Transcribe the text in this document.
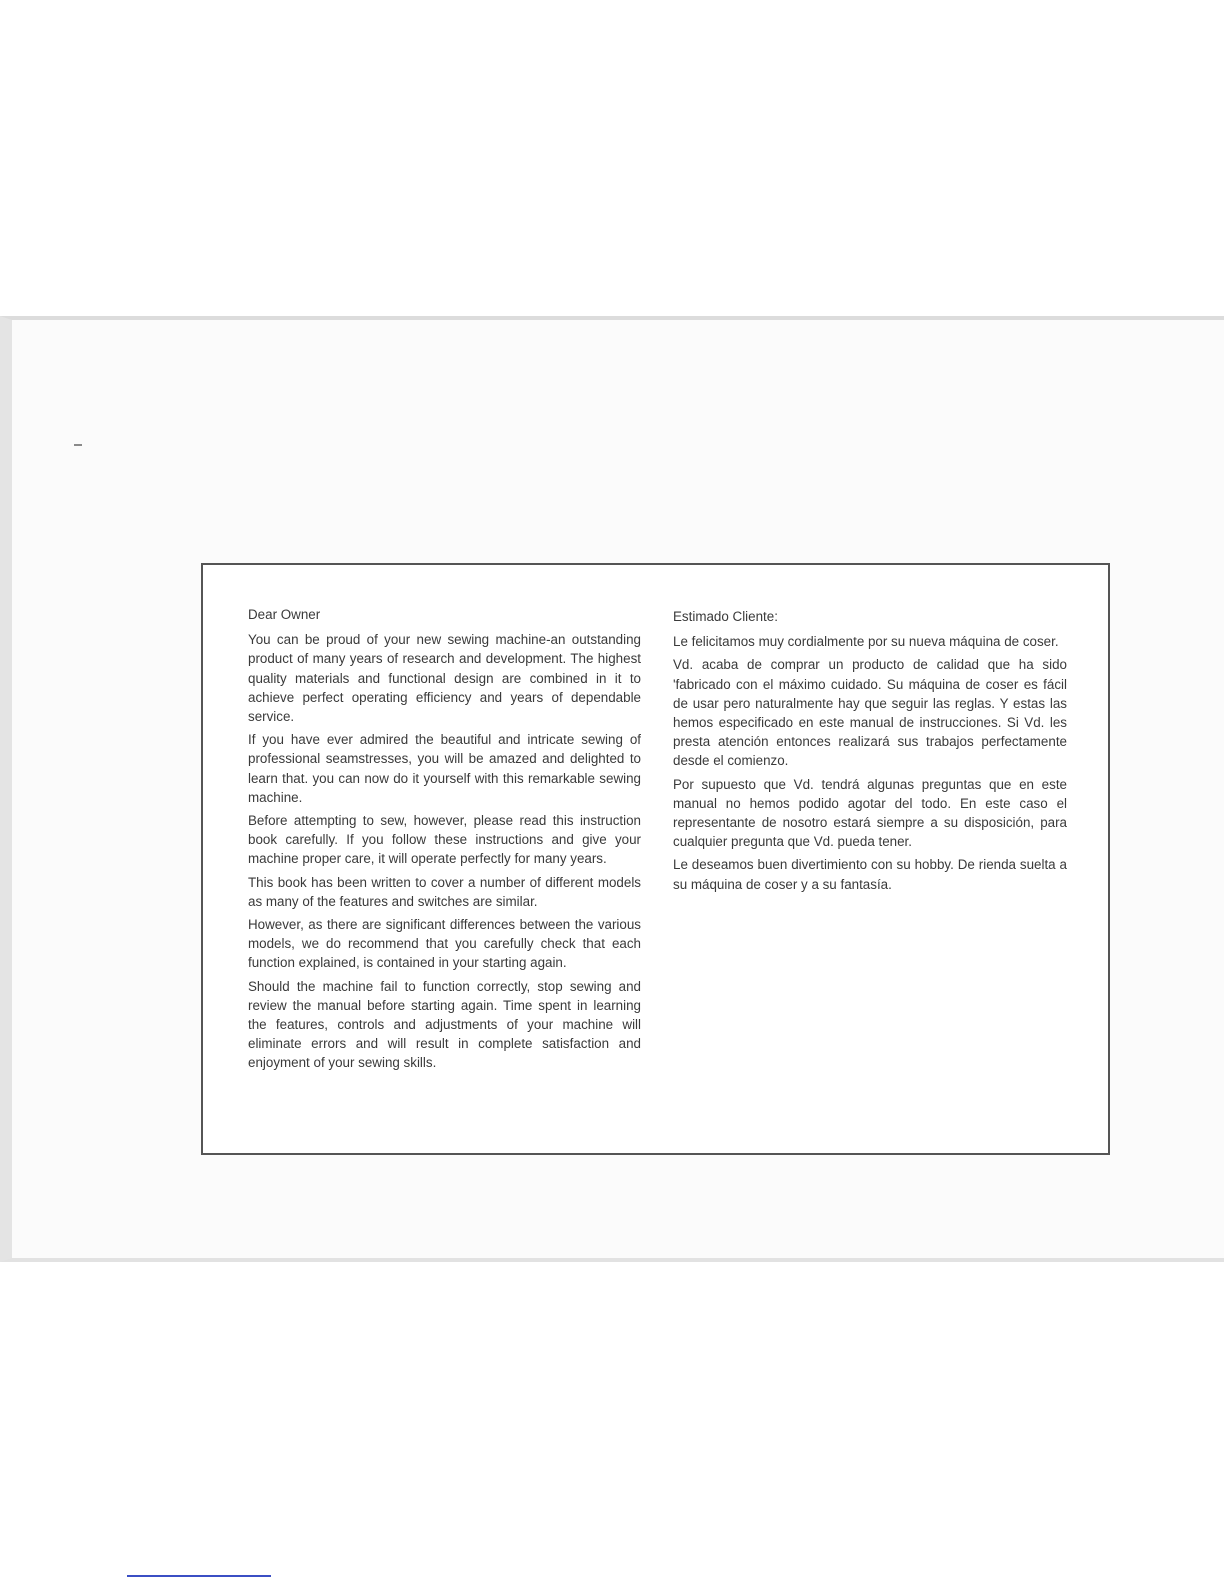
Dear Owner

You can be proud of your new sewing machine-an outstanding product of many years of research and development. The highest quality materials and functional design are combined in it to achieve perfect operating efficiency and years of dependable service.

If you have ever admired the beautiful and intricate sewing of professional seamstresses, you will be amazed and delighted to learn that. you can now do it yourself with this remarkable sewing machine.

Before attempting to sew, however, please read this instruction book carefully. If you follow these instructions and give your machine proper care, it will operate perfectly for many years.

This book has been written to cover a number of different models as many of the features and switches are similar.

However, as there are significant differences between the various models, we do recommend that you carefully check that each function explained, is contained in your starting again.

Should the machine fail to function correctly, stop sewing and review the manual before starting again. Time spent in learning the features, controls and adjustments of your machine will eliminate errors and will result in complete satisfaction and enjoyment of your sewing skills.

Estimado Cliente:

Le felicitamos muy cordialmente por su nueva máquina de coser.

Vd. acaba de comprar un producto de calidad que ha sido 'fabricado con el máximo cuidado. Su máquina de coser es fácil de usar pero naturalmente hay que seguir las reglas. Y estas las hemos especificado en este manual de instrucciones. Si Vd. les presta atención entonces realizará sus trabajos perfectamente desde el comienzo.

Por supuesto que Vd. tendrá algunas preguntas que en este manual no hemos podido agotar del todo. En este caso el representante de nosotro estará siempre a su disposición, para cualquier pregunta que Vd. pueda tener.

Le deseamos buen divertimiento con su hobby. De rienda suelta a su máquina de coser y a su fantasía.
